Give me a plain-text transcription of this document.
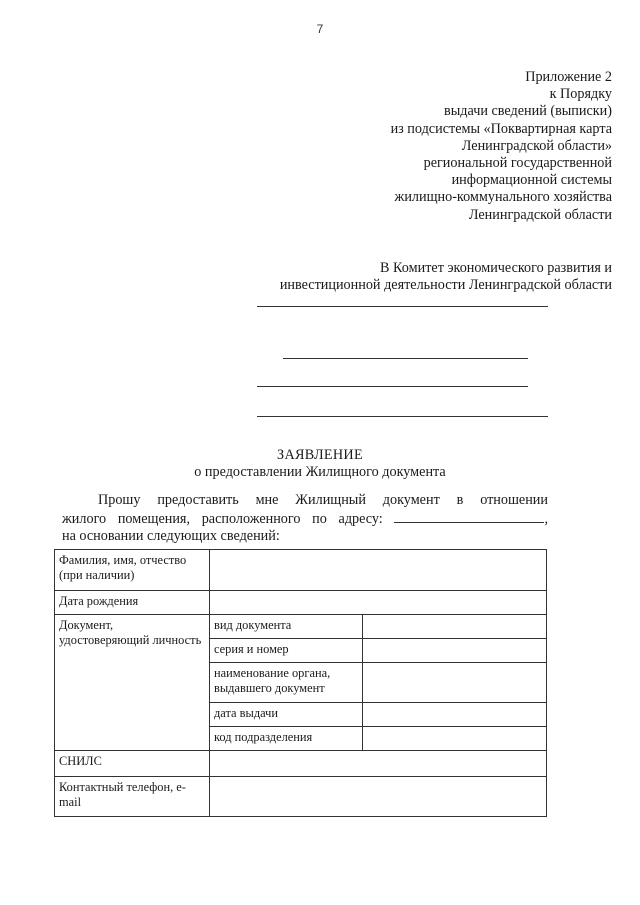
7
Приложение 2
к Порядку
выдачи сведений (выписки)
из подсистемы «Поквартирная карта
Ленинградской области»
региональной государственной
информационной системы
жилищно-коммунального хозяйства
Ленинградской области
В Комитет экономического развития и
инвестиционной деятельности Ленинградской области
ЗАЯВЛЕНИЕ
о предоставлении Жилищного документа
Прошу предоставить мне Жилищный документ в отношении
жилого помещения, расположенного по адресу:	,
на основании следующих сведений:
Фамилия, имя, отчество (при наличии)		
Дата рождения		
Документ, удостоверяющий личность	вид документа	
	серия и номер	
	наименование органа, выдавшего документ	
	дата выдачи	
	код подразделения	
СНИЛС		
Контактный телефон, e-mail		
